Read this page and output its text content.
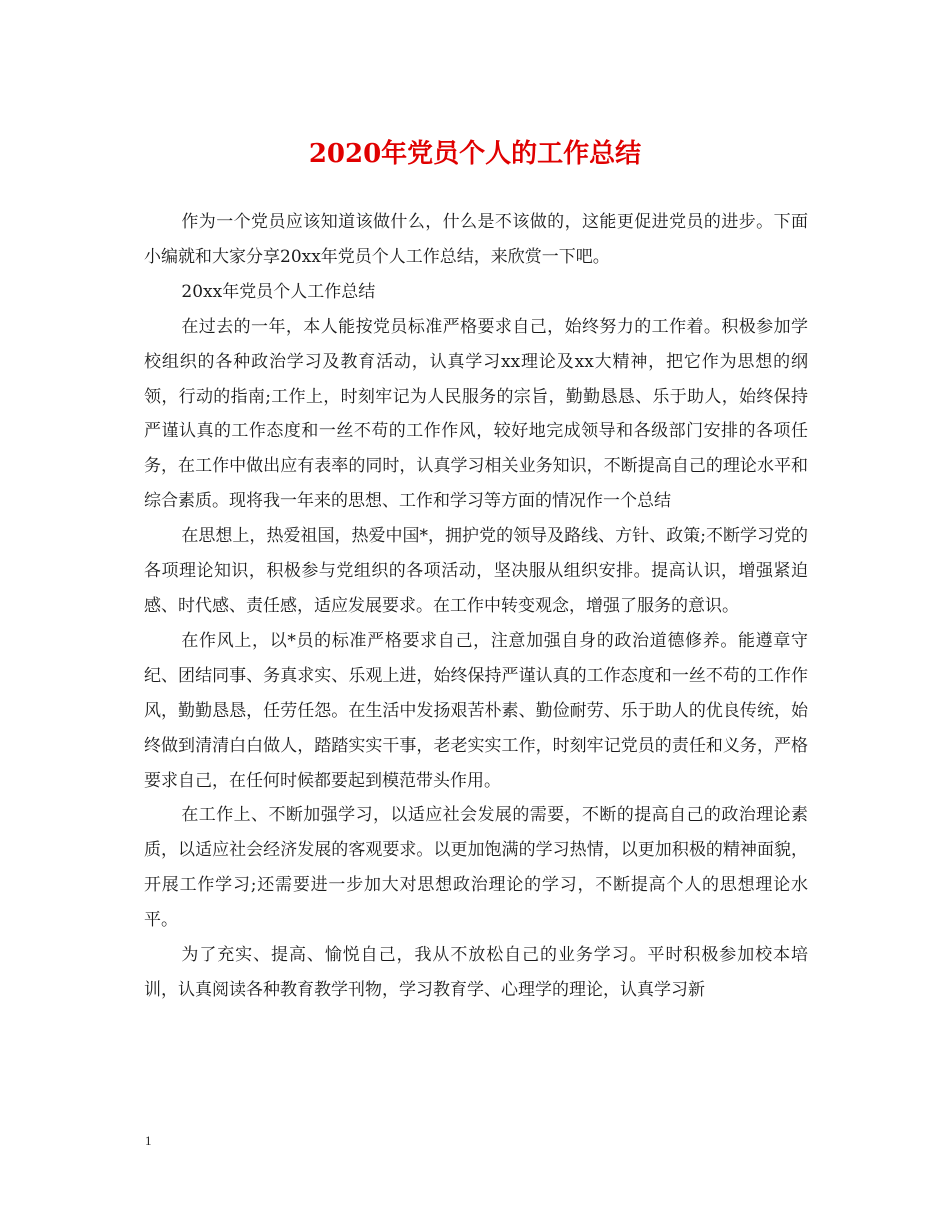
2020年党员个人的工作总结

作为一个党员应该知道该做什么，什么是不该做的，这能更促进党员的进步。下面小编就和大家分享20xx年党员个人工作总结，来欣赏一下吧。

20xx年党员个人工作总结

在过去的一年，本人能按党员标准严格要求自己，始终努力的工作着。积极参加学校组织的各种政治学习及教育活动，认真学习xx理论及xx大精神，把它作为思想的纲领，行动的指南;工作上，时刻牢记为人民服务的宗旨，勤勤恳恳、乐于助人，始终保持严谨认真的工作态度和一丝不苟的工作作风，较好地完成领导和各级部门安排的各项任务，在工作中做出应有表率的同时，认真学习相关业务知识，不断提高自己的理论水平和综合素质。现将我一年来的思想、工作和学习等方面的情况作一个总结

在思想上，热爱祖国，热爱中国*，拥护党的领导及路线、方针、政策;不断学习党的各项理论知识，积极参与党组织的各项活动，坚决服从组织安排。提高认识，增强紧迫感、时代感、责任感，适应发展要求。在工作中转变观念，增强了服务的意识。

在作风上，以*员的标准严格要求自己，注意加强自身的政治道德修养。能遵章守纪、团结同事、务真求实、乐观上进，始终保持严谨认真的工作态度和一丝不苟的工作作风，勤勤恳恳，任劳任怨。在生活中发扬艰苦朴素、勤俭耐劳、乐于助人的优良传统，始终做到清清白白做人，踏踏实实干事，老老实实工作，时刻牢记党员的责任和义务，严格要求自己，在任何时候都要起到模范带头作用。

在工作上、不断加强学习，以适应社会发展的需要，不断的提高自己的政治理论素质，以适应社会经济发展的客观要求。以更加饱满的学习热情，以更加积极的精神面貌，开展工作学习;还需要进一步加大对思想政治理论的学习，不断提高个人的思想理论水平。

为了充实、提高、愉悦自己，我从不放松自己的业务学习。平时积极参加校本培训，认真阅读各种教育教学刊物，学习教育学、心理学的理论，认真学习新

1
